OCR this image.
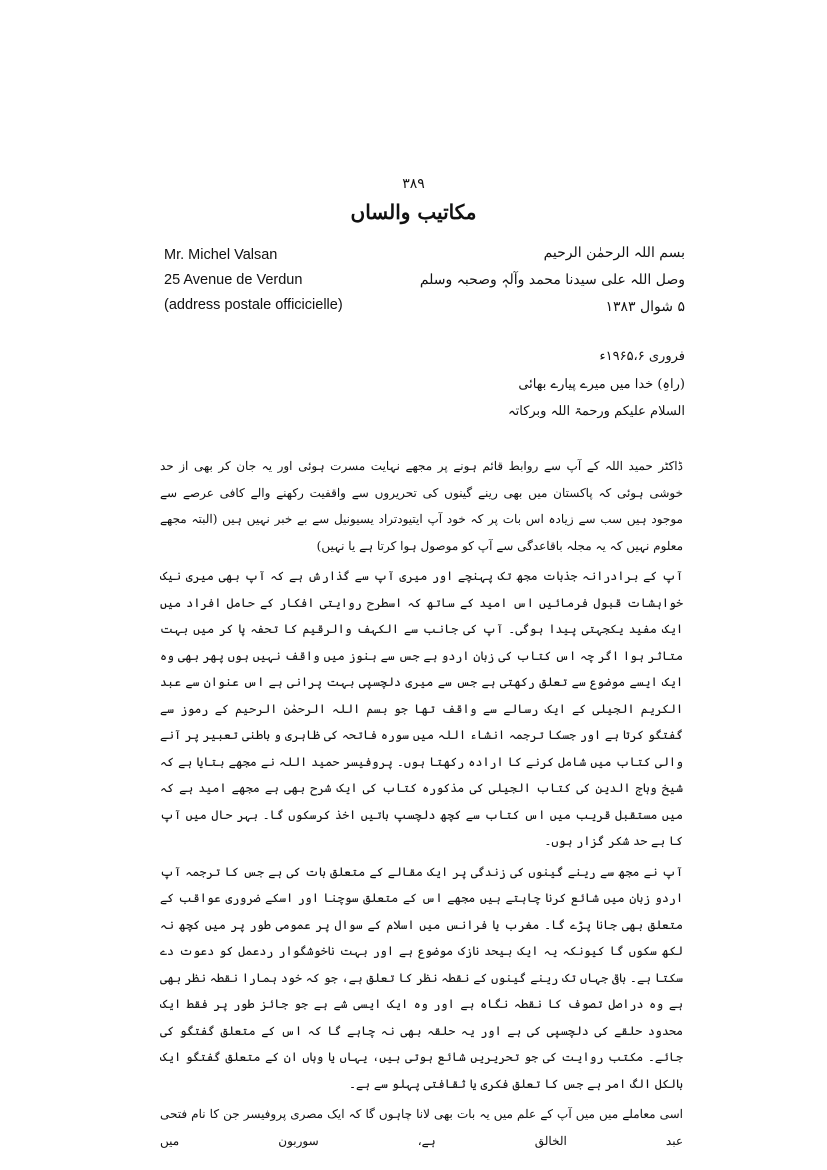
۳۸۹
مکاتیب والساں
Mr. Michel Valsan
25 Avenue de Verdun
(address postale officicielle)
بسم اللہ الرحمٰن الرحیم
وصل اللہ علی سیدنا محمد وآلہٖ وصحبہ وسلم
۵ شوال ۱۳۸۳
فروری ۱۹۶۵،۶ء
(راہِ) خدا میں میرے پیارے بھائی
السلام علیکم ورحمۃ اللہ وبرکاتہ

ڈاکٹر حمید اللہ کے آپ سے روابط قائم ہونے پر مجھے نہایت مسرت ہوئی اور یہ جان کر بھی از حد خوشی ہوئی کہ پاکستان میں بھی رینے گینوں کی تحریروں سے واقفیت رکھنے والے کافی عرصے سے موجود ہیں سب سے زیادہ اس بات پر کہ خود آپ ایتیودتراد یسیونیل سے بے خبر نہیں ہیں (البتہ مجھے معلوم نہیں کہ یہ مجلہ باقاعدگی سے آپ کو موصول ہوا کرتا ہے یا نہیں)

آپ کے برادرانہ جذبات مجھ تک پہنچے اور میری آپ سے گذارش ہے کہ آپ بھی میری نیک خواہشات قبول فرمائیں اس امید کے ساتھ کہ اسطرح روایتی افکار کے حامل افراد میں ایک مفید یکجہتی پیدا ہوگی۔ آپ کی جانب سے الکہف والرقیم کا تحفہ پا کر میں بہت متاثر ہوا اگر چہ اس کتاب کی زبان اردو ہے جس سے ہنوز میں واقف نہیں ہوں پھر بھی وہ ایک ایسے موضوع سے تعلق رکھتی ہے جس سے میری دلچسپی بہت پرانی ہے اس عنوان سے عبد الکریم الجیلی کے ایک رسالے سے واقف تھا جو بسم اللہ الرحمٰن الرحیم کے رموز سے گفتگو کرتا ہے اور جسکا ترجمہ انشاء اللہ میں سورہ فاتحہ کی ظاہری و باطنی تعبیر پر آنے والی کتاب میں شامل کرنے کا ارادہ رکھتا ہوں۔ پروفیسر حمید اللہ نے مجھے بتایا ہے کہ شیخ وہاج الدین کی کتاب الجیلی کی مذکورہ کتاب کی ایک شرح بھی ہے مجھے امید ہے کہ میں مستقبل قریب میں اس کتاب سے کچھ دلچسپ باتیں اخذ کرسکوں گا۔ بہر حال میں آپ کا بے حد شکر گزار ہوں۔

آپ نے مجھ سے رینے گینوں کی زندگی پر ایک مقالے کے متعلق بات کی ہے جس کا ترجمہ آپ اردو زبان میں شائع کرنا چاہتے ہیں مجھے اس کے متعلق سوچنا اور اسکے ضروری عواقب کے متعلق بھی جانا پڑے گا۔ مغرب یا فرانس میں اسلام کے سوال پر عمومی طور پر میں کچھ نہ لکھ سکوں گا کیونکہ یہ ایک بیحد نازک موضوع ہے اور بہت ناخوشگوار ردعمل کو دعوت دے سکتا ہے۔ باقی جہاں تک رینے گینوں کے نقطہ نظر کا تعلق ہے، جو کہ خود ہمارا نقطہ نظر بھی ہے وہ دراصل تصوف کا نقطہ نگاہ ہے اور وہ ایک ایسی شے ہے جو جائز طور پر فقط ایک محدود حلقے کی دلچسپی کی ہے اور یہ حلقہ بھی نہ چاہے گا کہ اس کے متعلق گفتگو کی جائے۔ مکتب روایت کی جو تحریریں شائع ہوتی ہیں، یہاں یا وہاں ان کے متعلق گفتگو ایک بالکل الگ امر ہے جس کا تعلق فکری یا ثقافتی پہلو سے ہے۔

اسی معاملے میں میں آپ کے علم میں یہ بات بھی لانا چاہوں گا کہ ایک مصری پروفیسر جن کا نام فتحی عبد الخالق ہے، سوربون میں
